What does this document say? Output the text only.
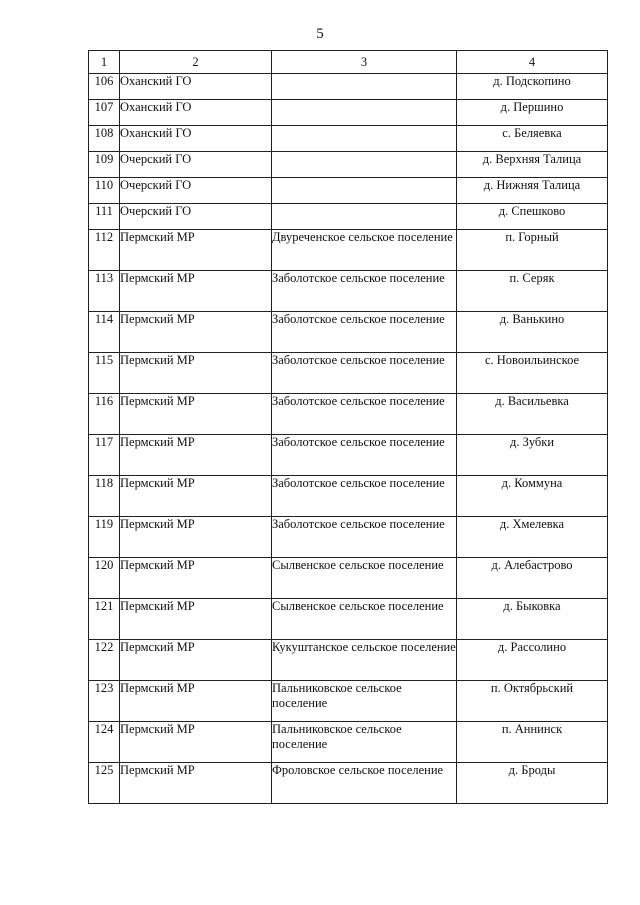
5
1	2	3	4
106	Оханский ГО		д. Подскопино
107	Оханский ГО		д. Першино
108	Оханский ГО		с. Беляевка
109	Очерский ГО		д. Верхняя Талица
110	Очерский ГО		д. Нижняя Талица
111	Очерский ГО		д. Спешково
112	Пермский МР	Двуреченское сельское поселение	п. Горный
113	Пермский МР	Заболотское сельское поселение	п. Серяк
114	Пермский МР	Заболотское сельское поселение	д. Ванькино
115	Пермский МР	Заболотское сельское поселение	с. Новоильинское
116	Пермский МР	Заболотское сельское поселение	д. Васильевка
117	Пермский МР	Заболотское сельское поселение	д. Зубки
118	Пермский МР	Заболотское сельское поселение	д. Коммуна
119	Пермский МР	Заболотское сельское поселение	д. Хмелевка
120	Пермский МР	Сылвенское сельское поселение	д. Алебастрово
121	Пермский МР	Сылвенское сельское поселение	д. Быковка
122	Пермский МР	Кукуштанское сельское поселение	д. Рассолино
123	Пермский МР	Пальниковское сельское поселение	п. Октябрьский
124	Пермский МР	Пальниковское сельское поселение	п. Аннинск
125	Пермский МР	Фроловское сельское поселение	д. Броды
